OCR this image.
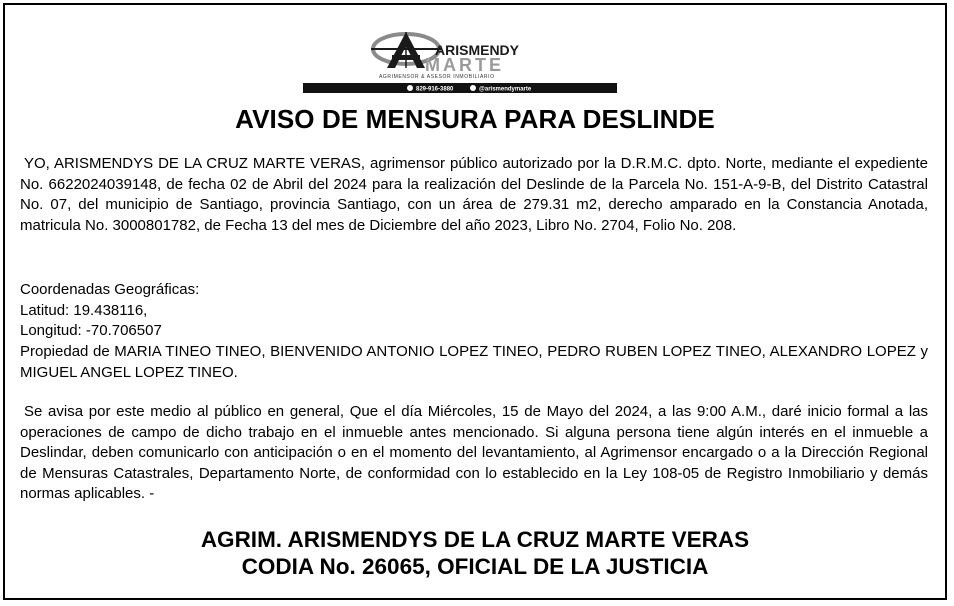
ARISMENDY
MARTE
AGRIMENSOR & ASESOR INMOBILIARIO
829-916-3880	@arismendymarte
AVISO DE MENSURA PARA DESLINDE
YO, ARISMENDYS DE LA CRUZ MARTE VERAS, agrimensor público autorizado por la D.R.M.C. dpto. Norte, mediante el expediente No. 6622024039148, de fecha 02 de Abril del 2024 para la realización del Deslinde de la Parcela No. 151-A-9-B, del Distrito Catastral No. 07, del municipio de Santiago, provincia Santiago, con un área de 279.31 m2, derecho amparado en la Constancia Anotada, matricula No. 3000801782, de Fecha 13 del mes de Diciembre del año 2023, Libro No. 2704, Folio No. 208.
Coordenadas Geográficas:
Latitud: 19.438116,
Longitud: -70.706507
Propiedad de MARIA TINEO TINEO, BIENVENIDO ANTONIO LOPEZ TINEO, PEDRO RUBEN LOPEZ TINEO, ALEXANDRO LOPEZ y MIGUEL ANGEL LOPEZ TINEO.
Se avisa por este medio al público en general, Que el día Miércoles, 15 de Mayo del 2024, a las 9:00 A.M., daré inicio formal a las operaciones de campo de dicho trabajo en el inmueble antes mencionado. Si alguna persona tiene algún interés en el inmueble a Deslindar, deben comunicarlo con anticipación o en el momento del levantamiento, al Agrimensor encargado o a la Dirección Regional de Mensuras Catastrales, Departamento Norte, de conformidad con lo establecido en la Ley 108-05 de Registro Inmobiliario y demás normas aplicables. -
AGRIM. ARISMENDYS DE LA CRUZ MARTE VERAS
CODIA No. 26065, OFICIAL DE LA JUSTICIA
